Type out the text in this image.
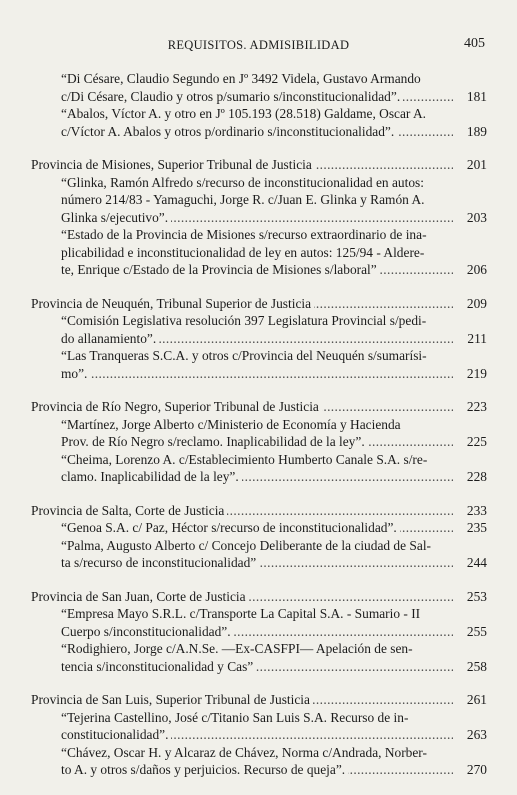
REQUISITOS. ADMISIBILIDAD	405
“Di Césare, Claudio Segundo en Jº 3492 Videla, Gustavo Armando
c/Di Césare, Claudio y otros p/sumario s/inconstitucionalidad”. .....	181
“Abalos, Víctor A. y otro en Jº 105.193 (28.518) Galdame, Oscar A.
c/Víctor A. Abalos y otros p/ordinario s/inconstitucionalidad”. .....	189
Provincia de Misiones, Superior Tribunal de Justicia .....	201
“Glinka, Ramón Alfredo s/recurso de inconstitucionalidad en autos:
número 214/83 - Yamaguchi, Jorge R. c/Juan E. Glinka y Ramón A.
Glinka s/ejecutivo”. .....	203
“Estado de la Provincia de Misiones s/recurso extraordinario de ina-
plicabilidad e inconstitucionalidad de ley en autos: 125/94 - Aldere-
te, Enrique c/Estado de la Provincia de Misiones s/laboral” .....	206
Provincia de Neuquén, Tribunal Superior de Justicia .....	209
“Comisión Legislativa resolución 397 Legislatura Provincial s/pedi-
do allanamiento”. .....	211
“Las Tranqueras S.C.A. y otros c/Provincia del Neuquén s/sumarísi-
mo”. .....	219
Provincia de Río Negro, Superior Tribunal de Justicia .....	223
“Martínez, Jorge Alberto c/Ministerio de Economía y Hacienda
Prov. de Río Negro s/reclamo. Inaplicabilidad de la ley”. .....	225
“Cheima, Lorenzo A. c/Establecimiento Humberto Canale S.A. s/re-
clamo. Inaplicabilidad de la ley”. .....	228
Provincia de Salta, Corte de Justicia .....	233
“Genoa S.A. c/ Paz, Héctor s/recurso de inconstitucionalidad”. .....	235
“Palma, Augusto Alberto c/ Concejo Deliberante de la ciudad de Sal-
ta s/recurso de inconstitucionalidad” .....	244
Provincia de San Juan, Corte de Justicia .....	253
“Empresa Mayo S.R.L. c/Transporte La Capital S.A. - Sumario - II
Cuerpo s/inconstitucionalidad”. .....	255
“Rodighiero, Jorge c/A.N.Se. —Ex-CASFPI— Apelación de sen-
tencia s/inconstitucionalidad y Cas” .....	258
Provincia de San Luis, Superior Tribunal de Justicia .....	261
“Tejerina Castellino, José c/Titanio San Luis S.A. Recurso de in-
constitucionalidad”. .....	263
“Chávez, Oscar H. y Alcaraz de Chávez, Norma c/Andrada, Norber-
to A. y otros s/daños y perjuicios. Recurso de queja”. .....	270
